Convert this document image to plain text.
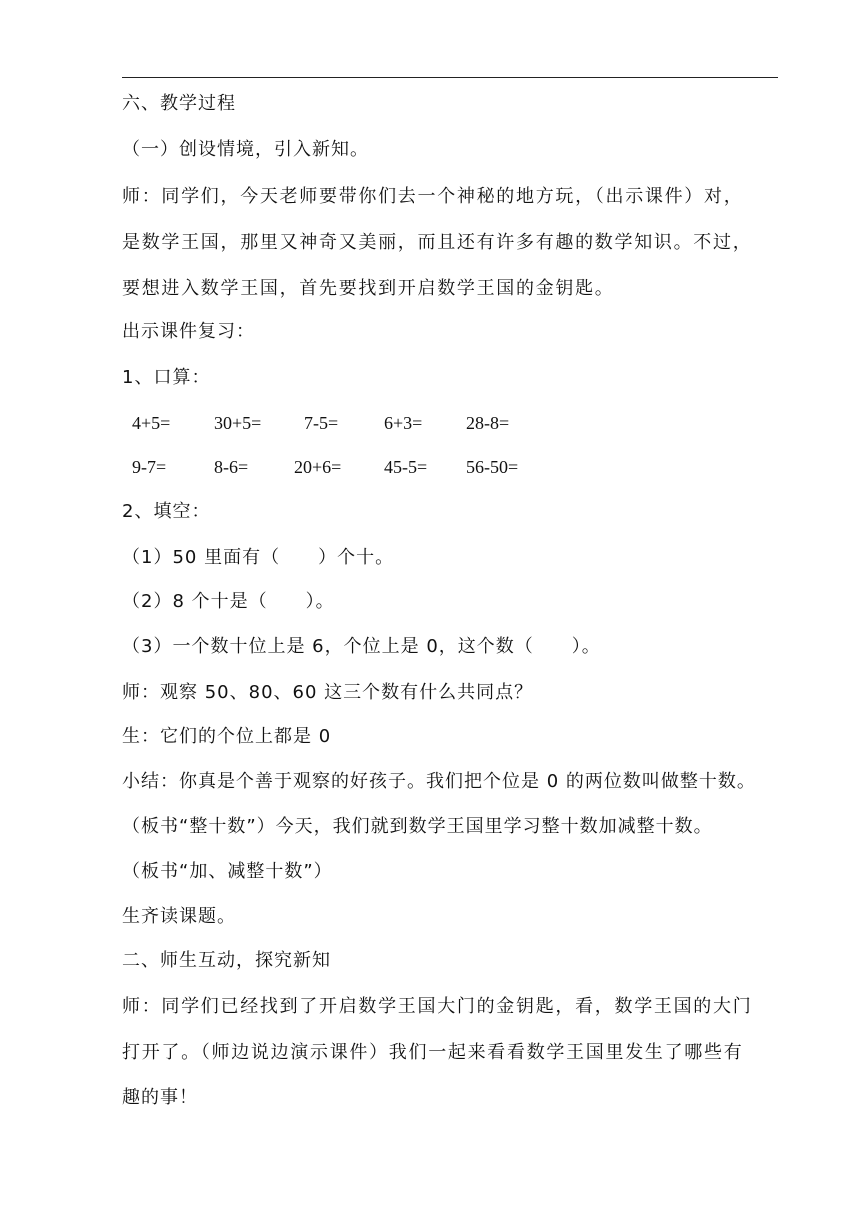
六、教学过程
（一）创设情境，引入新知。
师：同学们，今天老师要带你们去一个神秘的地方玩，（出示课件）对，
是数学王国，那里又神奇又美丽，而且还有许多有趣的数学知识。不过，
要想进入数学王国，首先要找到开启数学王国的金钥匙。
出示课件复习：
1、口算：
4+5= 30+5= 7-5=	6+3= 28-8=
9-7=	8-6=	20+6= 45-5= 56-50=
2、填空：
（1）50 里面有（　　）个十。
（2）8 个十是（　　）。
（3）一个数十位上是 6，个位上是 0，这个数（　　）。
师：观察 50、80、60 这三个数有什么共同点？
生：它们的个位上都是 0
小结：你真是个善于观察的好孩子。我们把个位是 0 的两位数叫做整十数。
（板书“整十数”）今天，我们就到数学王国里学习整十数加减整十数。
（板书“加、减整十数”）
生齐读课题。
二、师生互动，探究新知
师：同学们已经找到了开启数学王国大门的金钥匙，看，数学王国的大门
打开了。（师边说边演示课件）我们一起来看看数学王国里发生了哪些有
趣的事！
